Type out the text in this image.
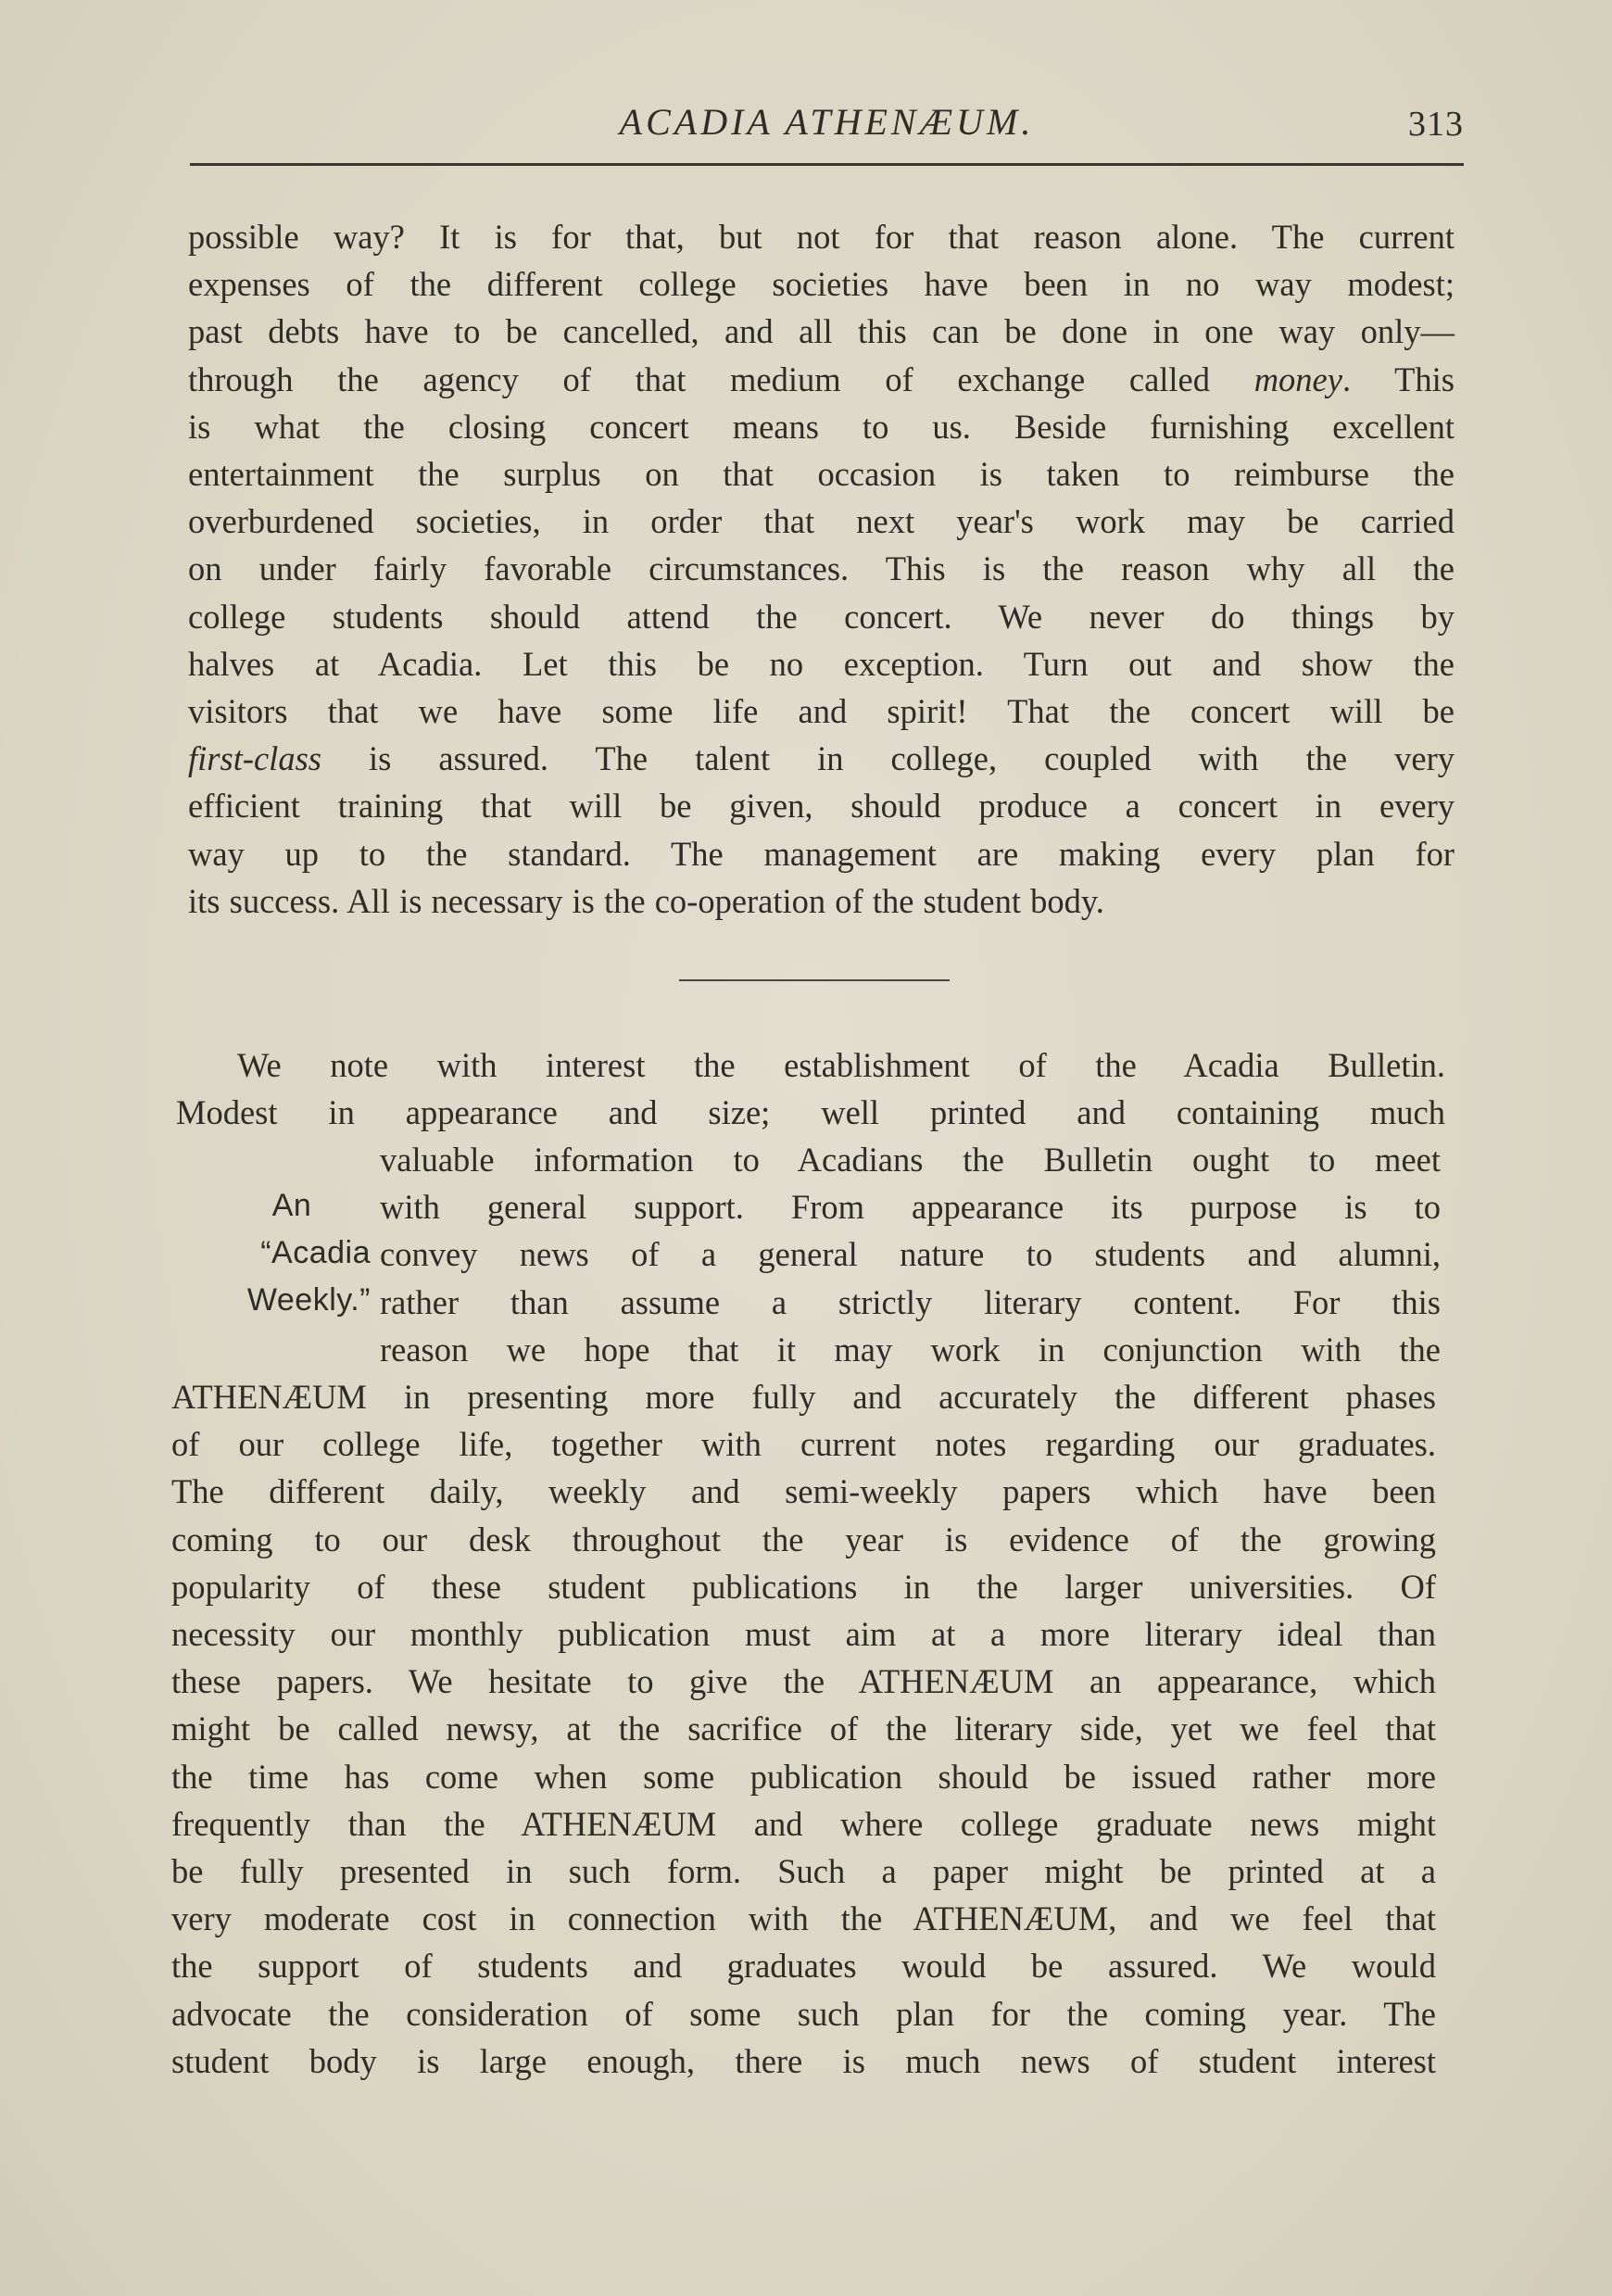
ACADIA ATHENÆUM.	313
possible way? It is for that, but not for that reason alone. The current
expenses of the different college societies have been in no way modest;
past debts have to be cancelled, and all this can be done in one way only—
through the agency of that medium of exchange called money. This
is what the closing concert means to us. Beside furnishing excellent
entertainment the surplus on that occasion is taken to reimburse the
overburdened societies, in order that next year's work may be carried
on under fairly favorable circumstances. This is the reason why all the
college students should attend the concert. We never do things by
halves at Acadia. Let this be no exception. Turn out and show the
visitors that we have some life and spirit! That the concert will be
first-class is assured. The talent in college, coupled with the very
efficient training that will be given, should produce a concert in every
way up to the standard. The management are making every plan for
its success. All is necessary is the co-operation of the student body.
We note with interest the establishment of the Acadia Bulletin.
Modest in appearance and size; well printed and containing much
An
“Acadia
Weekly.”
valuable information to Acadians the Bulletin ought to meet
with general support. From appearance its purpose is to
convey news of a general nature to students and alumni,
rather than assume a strictly literary content. For this
reason we hope that it may work in conjunction with the
ATHENÆUM in presenting more fully and accurately the different phases
of our college life, together with current notes regarding our graduates.
The different daily, weekly and semi-weekly papers which have been
coming to our desk throughout the year is evidence of the growing
popularity of these student publications in the larger universities. Of
necessity our monthly publication must aim at a more literary ideal than
these papers. We hesitate to give the ATHENÆUM an appearance, which
might be called newsy, at the sacrifice of the literary side, yet we feel that
the time has come when some publication should be issued rather more
frequently than the ATHENÆUM and where college graduate news might
be fully presented in such form. Such a paper might be printed at a
very moderate cost in connection with the ATHENÆUM, and we feel that
the support of students and graduates would be assured. We would
advocate the consideration of some such plan for the coming year. The
student body is large enough, there is much news of student interest
